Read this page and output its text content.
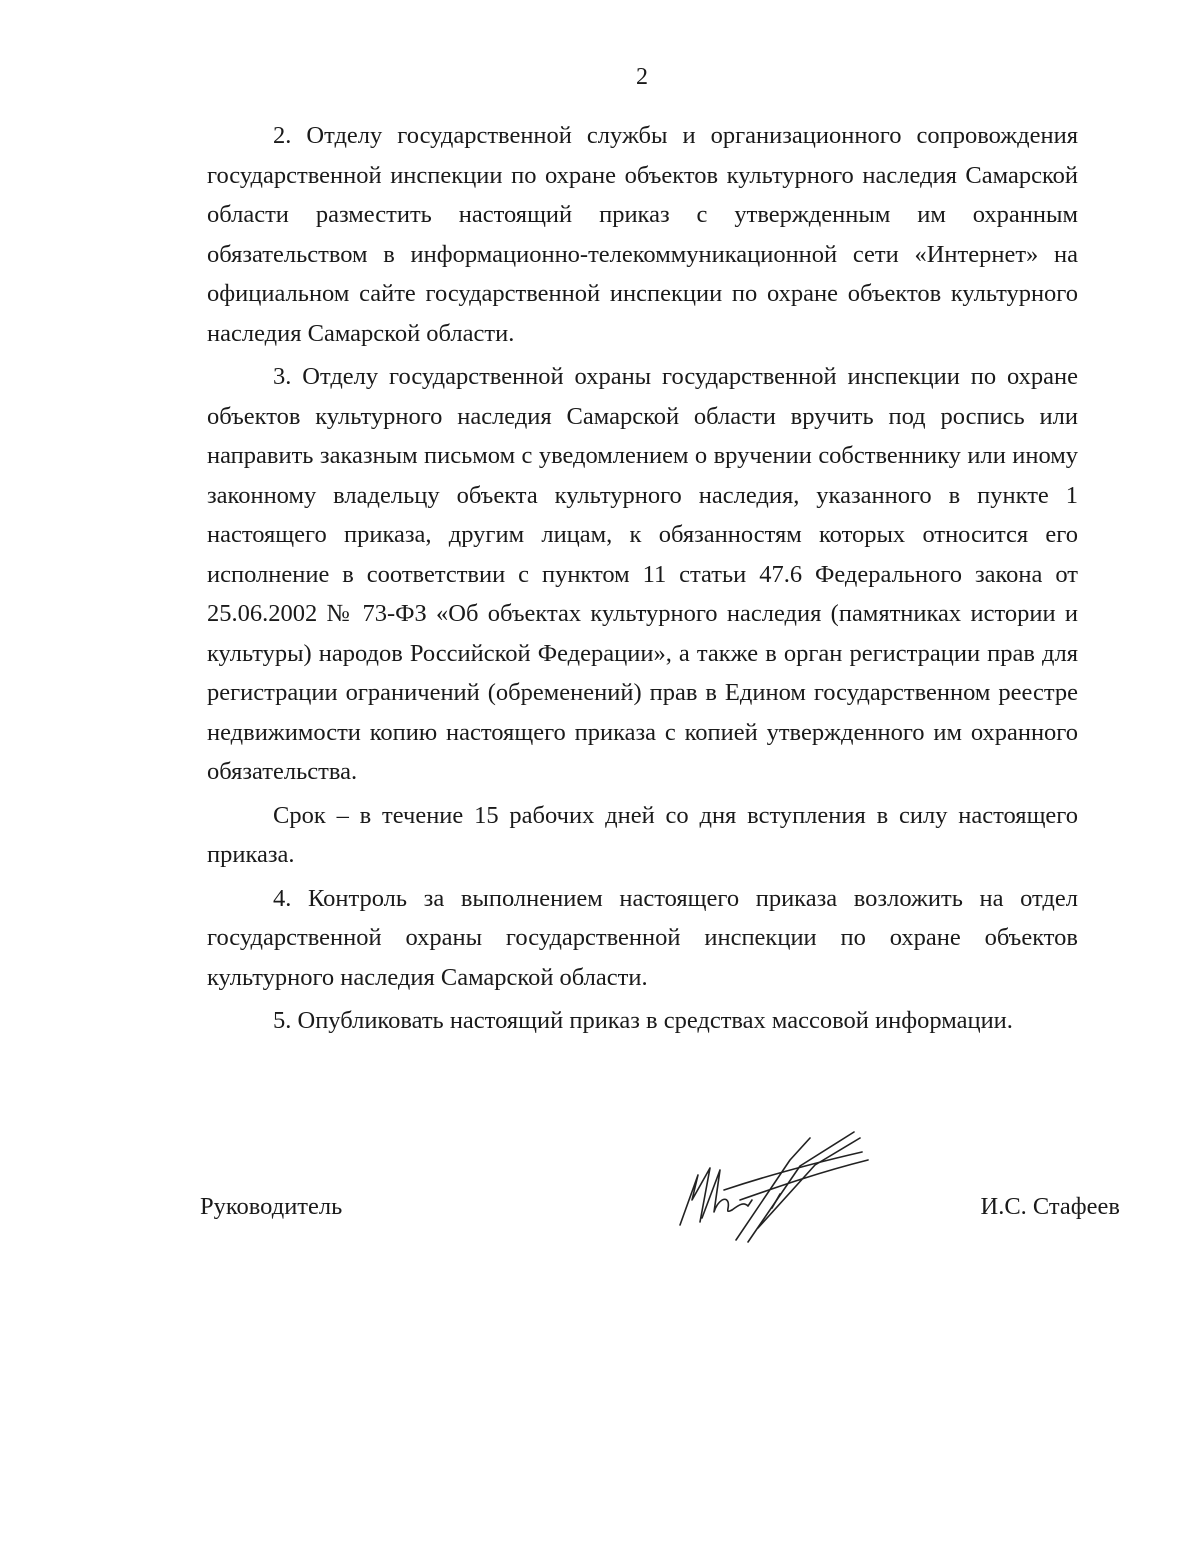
2

2. Отделу государственной службы и организационного сопровождения государственной инспекции по охране объектов культурного наследия Самарской области разместить настоящий приказ с утвержденным им охранным обязательством в информационно-телекоммуникационной сети «Интернет» на официальном сайте государственной инспекции по охране объектов культурного наследия Самарской области.

3. Отделу государственной охраны государственной инспекции по охране объектов культурного наследия Самарской области вручить под роспись или направить заказным письмом с уведомлением о вручении собственнику или иному законному владельцу объекта культурного наследия, указанного в пункте 1 настоящего приказа, другим лицам, к обязанностям которых относится его исполнение в соответствии с пунктом 11 статьи 47.6 Федерального закона от 25.06.2002 № 73-ФЗ «Об объектах культурного наследия (памятниках истории и культуры) народов Российской Федерации», а также в орган регистрации прав для регистрации ограничений (обременений) прав в Едином государственном реестре недвижимости копию настоящего приказа с копией утвержденного им охранного обязательства.

Срок – в течение 15 рабочих дней со дня вступления в силу настоящего приказа.

4. Контроль за выполнением настоящего приказа возложить на отдел государственной охраны государственной инспекции по охране объектов культурного наследия Самарской области.

5. Опубликовать настоящий приказ в средствах массовой информации.

Руководитель	И.С. Стафеев
